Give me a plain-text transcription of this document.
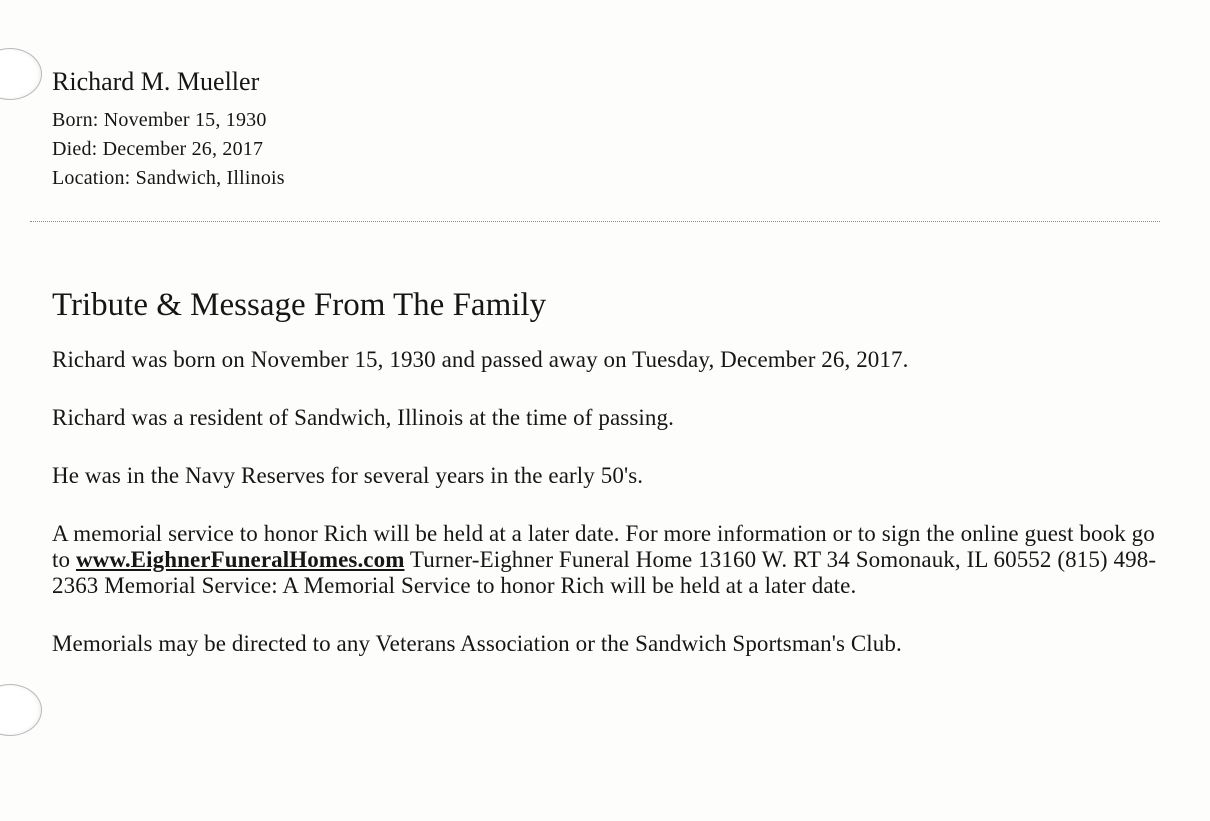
Richard M. Mueller
Born: November 15, 1930
Died: December 26, 2017
Location: Sandwich, Illinois
Tribute & Message From The Family

Richard was born on November 15, 1930 and passed away on Tuesday, December 26, 2017.

Richard was a resident of Sandwich, Illinois at the time of passing.

He was in the Navy Reserves for several years in the early 50's.

A memorial service to honor Rich will be held at a later date. For more information or to sign the online guest book go to www.EighnerFuneralHomes.com Turner-Eighner Funeral Home 13160 W. RT 34 Somonauk, IL 60552 (815) 498-2363 Memorial Service: A Memorial Service to honor Rich will be held at a later date.

Memorials may be directed to any Veterans Association or the Sandwich Sportsman's Club.
